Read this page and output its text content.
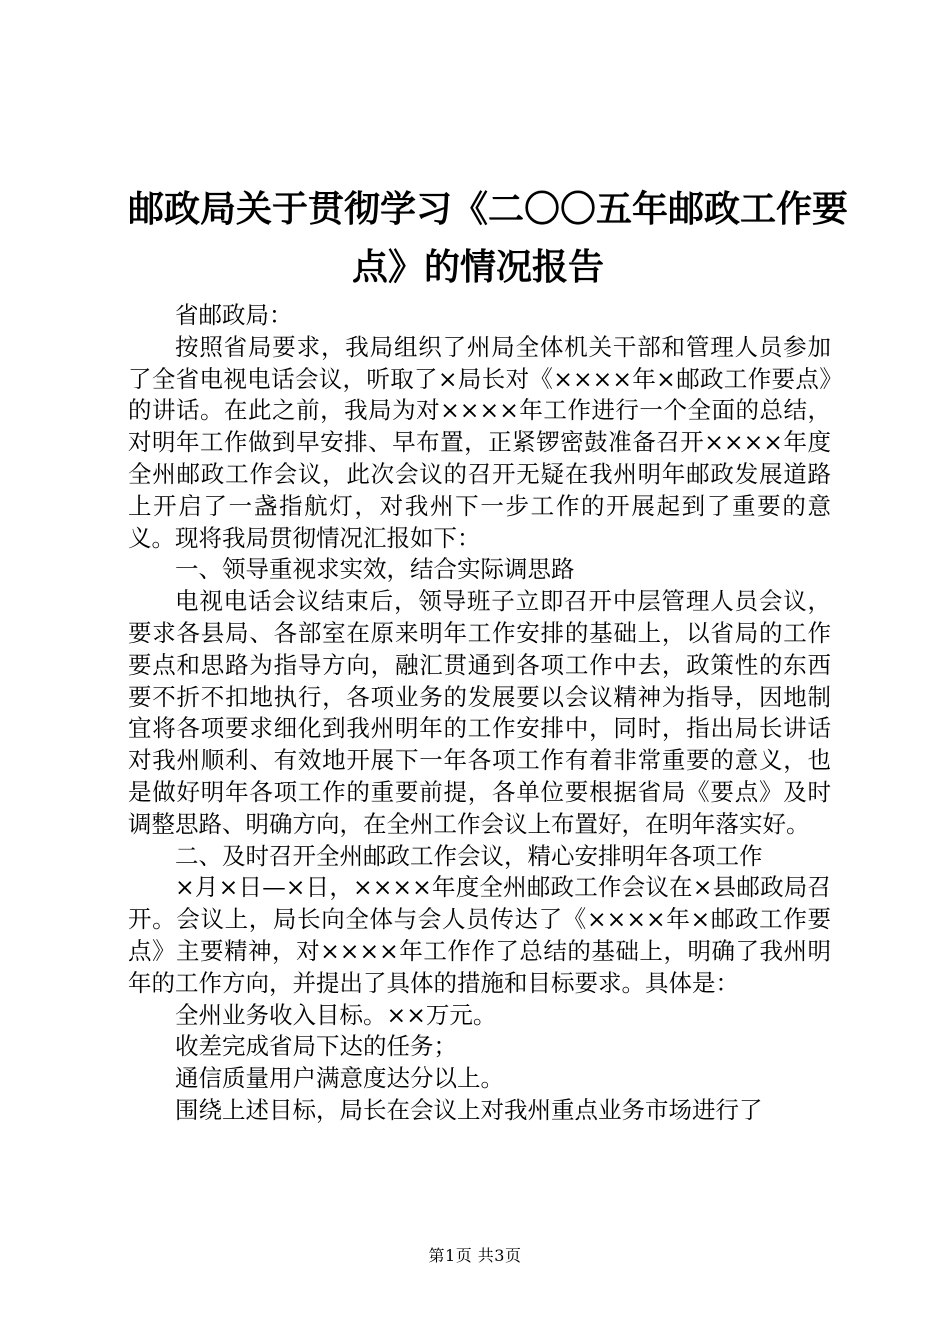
邮政局关于贯彻学习《二〇〇五年邮政工作要
点》的情况报告

省邮政局：

按照省局要求，我局组织了州局全体机关干部和管理人员参加了全省电视电话会议，听取了×局长对《××××年×邮政工作要点》的讲话。在此之前，我局为对××××年工作进行一个全面的总结，对明年工作做到早安排、早布置，正紧锣密鼓准备召开××××年度全州邮政工作会议，此次会议的召开无疑在我州明年邮政发展道路上开启了一盏指航灯，对我州下一步工作的开展起到了重要的意义。现将我局贯彻情况汇报如下：

一、领导重视求实效，结合实际调思路

电视电话会议结束后，领导班子立即召开中层管理人员会议，要求各县局、各部室在原来明年工作安排的基础上，以省局的工作要点和思路为指导方向，融汇贯通到各项工作中去，政策性的东西要不折不扣地执行，各项业务的发展要以会议精神为指导，因地制宜将各项要求细化到我州明年的工作安排中，同时，指出局长讲话对我州顺利、有效地开展下一年各项工作有着非常重要的意义，也是做好明年各项工作的重要前提，各单位要根据省局《要点》及时调整思路、明确方向，在全州工作会议上布置好，在明年落实好。

二、及时召开全州邮政工作会议，精心安排明年各项工作

×月×日—×日，××××年度全州邮政工作会议在×县邮政局召开。会议上，局长向全体与会人员传达了《××××年×邮政工作要点》主要精神，对××××年工作作了总结的基础上，明确了我州明年的工作方向，并提出了具体的措施和目标要求。具体是：

全州业务收入目标。××万元。

收差完成省局下达的任务；

通信质量用户满意度达分以上。

围绕上述目标，局长在会议上对我州重点业务市场进行了

第1页 共3页
